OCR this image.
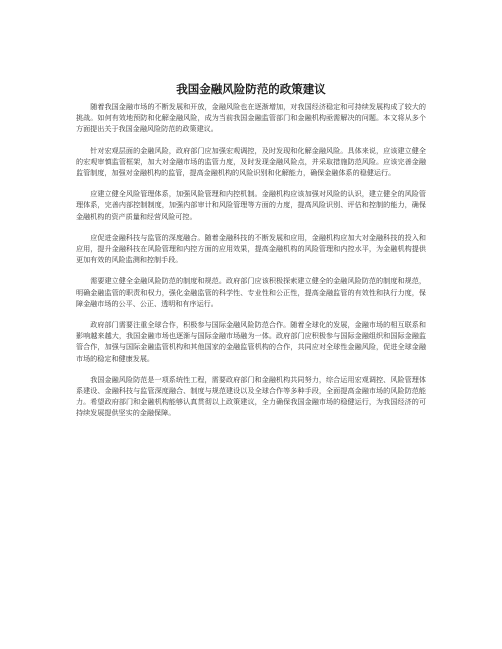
我国金融风险防范的政策建议

随着我国金融市场的不断发展和开放，金融风险也在逐渐增加，对我国经济稳定和可持续发展构成了较大的挑战。如何有效地预防和化解金融风险，成为当前我国金融监管部门和金融机构亟需解决的问题。本文将从多个方面提出关于我国金融风险防范的政策建议。

针对宏观层面的金融风险，政府部门应加强宏观调控，及时发现和化解金融风险。具体来说，应该建立健全的宏观审慎监管框架，加大对金融市场的监管力度，及时发现金融风险点，并采取措施防范风险。应该完善金融监管制度，加强对金融机构的监管，提高金融机构的风险识别和化解能力，确保金融体系的稳健运行。

应建立健全风险管理体系，加强风险管理和内控机制。金融机构应该加强对风险的认识，建立健全的风险管理体系，完善内部控制制度，加强内部审计和风险管理等方面的力度，提高风险识别、评估和控制的能力，确保金融机构的资产质量和经营风险可控。

应促进金融科技与监管的深度融合。随着金融科技的不断发展和应用，金融机构应加大对金融科技的投入和应用，提升金融科技在风险管理和内控方面的应用效果，提高金融机构的风险管理和内控水平，为金融机构提供更加有效的风险监测和控制手段。

需要建立健全金融风险防范的制度和规范。政府部门应该积极探索建立健全的金融风险防范的制度和规范，明确金融监管的职责和权力，强化金融监管的科学性、专业性和公正性，提高金融监管的有效性和执行力度，保障金融市场的公平、公正、透明和有序运行。

政府部门需要注重全球合作，积极参与国际金融风险防范合作。随着全球化的发展，金融市场的相互联系和影响越来越大，我国金融市场也逐渐与国际金融市场融为一体。政府部门应积极参与国际金融组织和国际金融监管合作，加强与国际金融监管机构和其他国家的金融监管机构的合作，共同应对全球性金融风险，促进全球金融市场的稳定和健康发展。

我国金融风险防范是一项系统性工程，需要政府部门和金融机构共同努力，综合运用宏观调控、风险管理体系建设、金融科技与监管深度融合、制度与规范建设以及全球合作等多种手段，全面提高金融市场的风险防范能力。希望政府部门和金融机构能够认真贯彻以上政策建议，全力确保我国金融市场的稳健运行，为我国经济的可持续发展提供坚实的金融保障。
